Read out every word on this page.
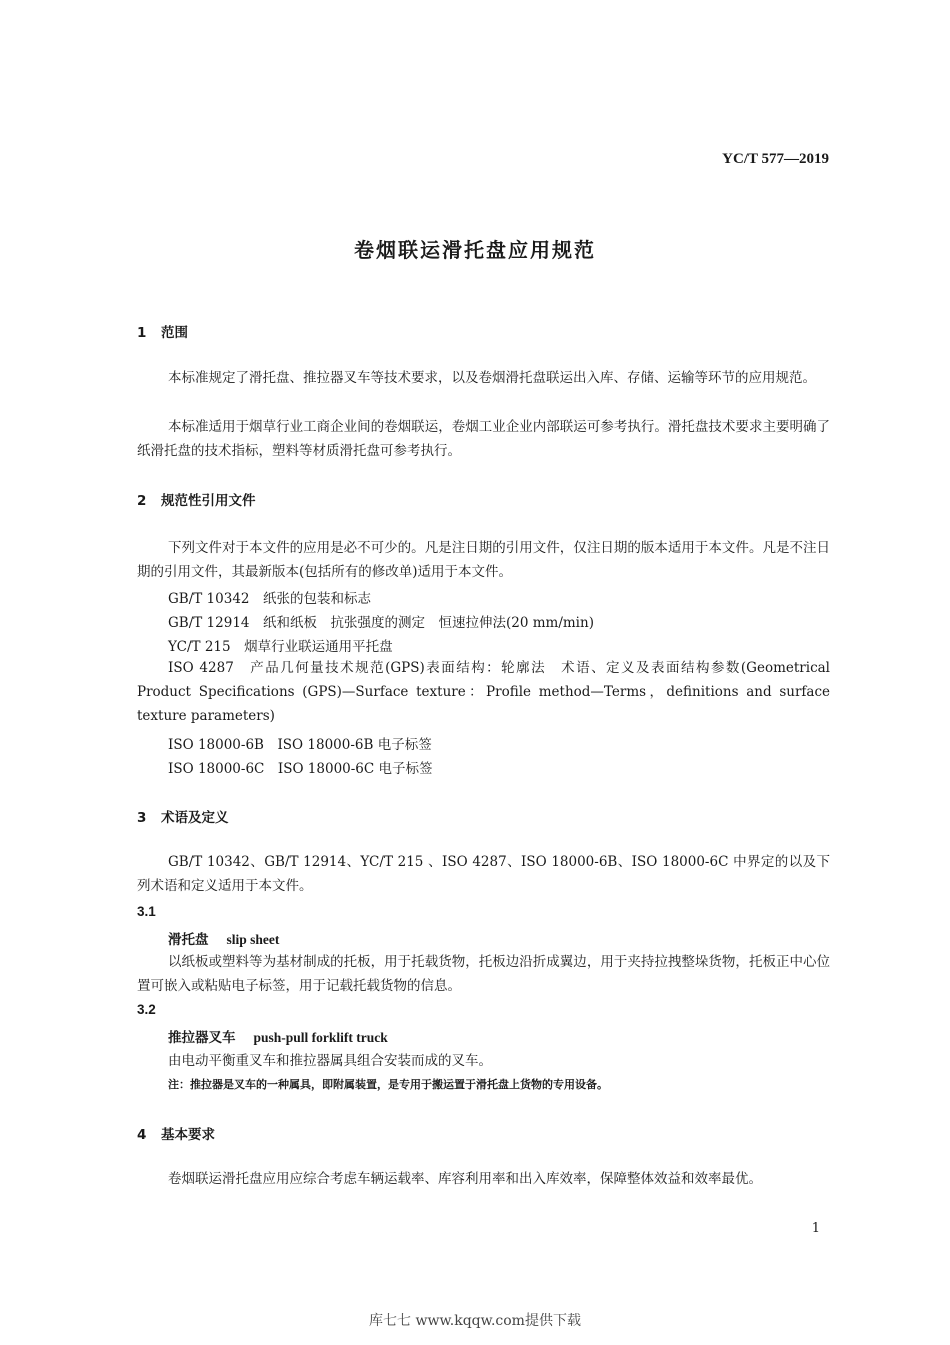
YC/T 577—2019
卷烟联运滑托盘应用规范
1 范围
本标准规定了滑托盘、推拉器叉车等技术要求，以及卷烟滑托盘联运出入库、存储、运输等环节的应用规范。
本标准适用于烟草行业工商企业间的卷烟联运，卷烟工业企业内部联运可参考执行。滑托盘技术要求主要明确了纸滑托盘的技术指标，塑料等材质滑托盘可参考执行。
2 规范性引用文件
下列文件对于本文件的应用是必不可少的。凡是注日期的引用文件，仅注日期的版本适用于本文件。凡是不注日期的引用文件，其最新版本(包括所有的修改单)适用于本文件。
GB/T 10342　纸张的包装和标志
GB/T 12914　纸和纸板　抗张强度的测定　恒速拉伸法(20 mm/min)
YC/T 215　烟草行业联运通用平托盘
ISO 4287　产品几何量技术规范(GPS)表面结构：轮廓法　术语、定义及表面结构参数(Geometrical Product Specifications (GPS)—Surface texture：Profile method—Terms，definitions and surface texture parameters)
ISO 18000-6B　ISO 18000-6B 电子标签
ISO 18000-6C　ISO 18000-6C 电子标签
3 术语及定义
GB/T 10342、GB/T 12914、YC/T 215 、ISO 4287、ISO 18000-6B、ISO 18000-6C 中界定的以及下列术语和定义适用于本文件。
3.1
滑托盘 slip sheet
以纸板或塑料等为基材制成的托板，用于托载货物，托板边沿折成翼边，用于夹持拉拽整垛货物，托板正中心位置可嵌入或粘贴电子标签，用于记载托载货物的信息。
3.2
推拉器叉车 push-pull forklift truck
由电动平衡重叉车和推拉器属具组合安装而成的叉车。
注：推拉器是叉车的一种属具，即附属装置，是专用于搬运置于滑托盘上货物的专用设备。
4 基本要求
卷烟联运滑托盘应用应综合考虑车辆运载率、库容利用率和出入库效率，保障整体效益和效率最优。
1
库七七 www.kqqw.com提供下载
